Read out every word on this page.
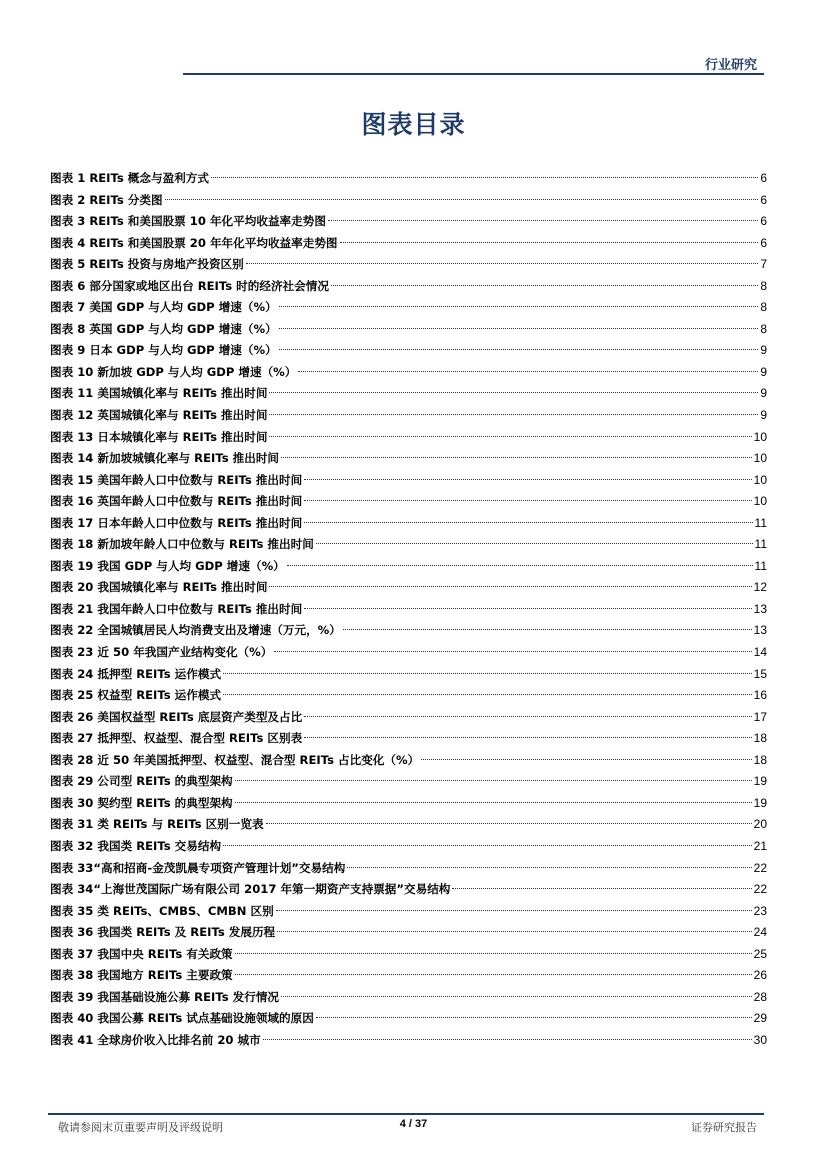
行业研究
图表目录
图表 1 REITs 概念与盈利方式	6
图表 2 REITs 分类图	6
图表 3 REITs 和美国股票 10 年化平均收益率走势图	6
图表 4 REITs 和美国股票 20 年年化平均收益率走势图	6
图表 5 REITs 投资与房地产投资区别	7
图表 6 部分国家或地区出台 REITs 时的经济社会情况	8
图表 7 美国 GDP 与人均 GDP 增速（%）	8
图表 8 英国 GDP 与人均 GDP 增速（%）	8
图表 9 日本 GDP 与人均 GDP 增速（%）	9
图表 10 新加坡 GDP 与人均 GDP 增速（%）	9
图表 11 美国城镇化率与 REITs 推出时间	9
图表 12 英国城镇化率与 REITs 推出时间	9
图表 13 日本城镇化率与 REITs 推出时间	10
图表 14 新加坡城镇化率与 REITs 推出时间	10
图表 15 美国年龄人口中位数与 REITs 推出时间	10
图表 16 英国年龄人口中位数与 REITs 推出时间	10
图表 17 日本年龄人口中位数与 REITs 推出时间	11
图表 18 新加坡年龄人口中位数与 REITs 推出时间	11
图表 19 我国 GDP 与人均 GDP 增速（%）	11
图表 20 我国城镇化率与 REITs 推出时间	12
图表 21 我国年龄人口中位数与 REITs 推出时间	13
图表 22 全国城镇居民人均消费支出及增速（万元，%）	13
图表 23 近 50 年我国产业结构变化（%）	14
图表 24 抵押型 REITs 运作模式	15
图表 25 权益型 REITs 运作模式	16
图表 26 美国权益型 REITs 底层资产类型及占比	17
图表 27 抵押型、权益型、混合型 REITs 区别表	18
图表 28 近 50 年美国抵押型、权益型、混合型 REITs 占比变化（%）	18
图表 29 公司型 REITs 的典型架构	19
图表 30 契约型 REITs 的典型架构	19
图表 31 类 REITs 与 REITs 区别一览表	20
图表 32 我国类 REITs 交易结构	21
图表 33“高和招商-金茂凯晨专项资产管理计划”交易结构	22
图表 34“上海世茂国际广场有限公司 2017 年第一期资产支持票据”交易结构	22
图表 35 类 REITs、CMBS、CMBN 区别	23
图表 36 我国类 REITs 及 REITs 发展历程	24
图表 37 我国中央 REITs 有关政策	25
图表 38 我国地方 REITs 主要政策	26
图表 39 我国基础设施公募 REITs 发行情况	28
图表 40 我国公募 REITs 试点基础设施领域的原因	29
图表 41 全球房价收入比排名前 20 城市	30
敬请参阅末页重要声明及评级说明	4 / 37	证券研究报告
